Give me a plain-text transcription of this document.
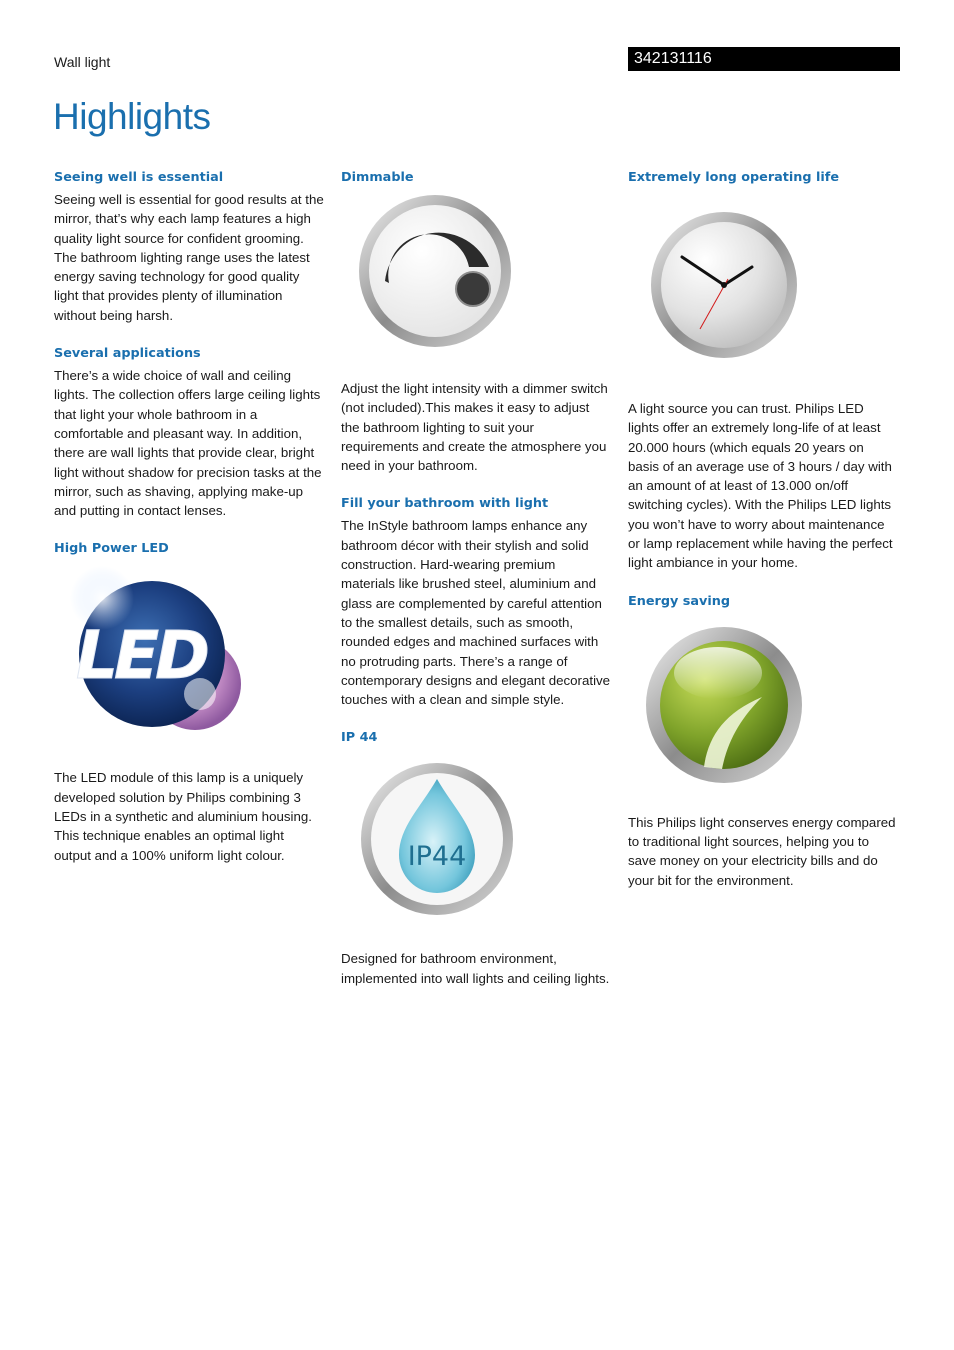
Wall light	342131116
Highlights

Seeing well is essential

Seeing well is essential for good results at the mirror, that’s why each lamp features a high quality light source for confident grooming. The bathroom lighting range uses the latest energy saving technology for good quality light that provides plenty of illumination without being harsh.

Several applications

There’s a wide choice of wall and ceiling lights. The collection offers large ceiling lights that light your whole bathroom in a comfortable and pleasant way. In addition, there are wall lights that provide clear, bright light without shadow for precision tasks at the mirror, such as shaving, applying make-up and putting in contact lenses.

High Power LED

LED

The LED module of this lamp is a uniquely developed solution by Philips combining 3 LEDs in a synthetic and aluminium housing. This technique enables an optimal light output and a 100% uniform light colour.

Dimmable

Adjust the light intensity with a dimmer switch (not included).This makes it easy to adjust the bathroom lighting to suit your requirements and create the atmosphere you need in your bathroom.

Fill your bathroom with light

The InStyle bathroom lamps enhance any bathroom décor with their stylish and solid construction. Hard-wearing premium materials like brushed steel, aluminium and glass are complemented by careful attention to the smallest details, such as smooth, rounded edges and machined surfaces with no protruding parts. There’s a range of contemporary designs and elegant decorative touches with a clean and simple style.

IP 44

IP44

Designed for bathroom environment, implemented into wall lights and ceiling lights.

Extremely long operating life

A light source you can trust. Philips LED lights offer an extremely long-life of at least 20.000 hours (which equals 20 years on basis of an average use of 3 hours / day with an amount of at least of 13.000 on/off switching cycles). With the Philips LED lights you won’t have to worry about maintenance or lamp replacement while having the perfect light ambiance in your home.

Energy saving

This Philips light conserves energy compared to traditional light sources, helping you to save money on your electricity bills and do your bit for the environment.
